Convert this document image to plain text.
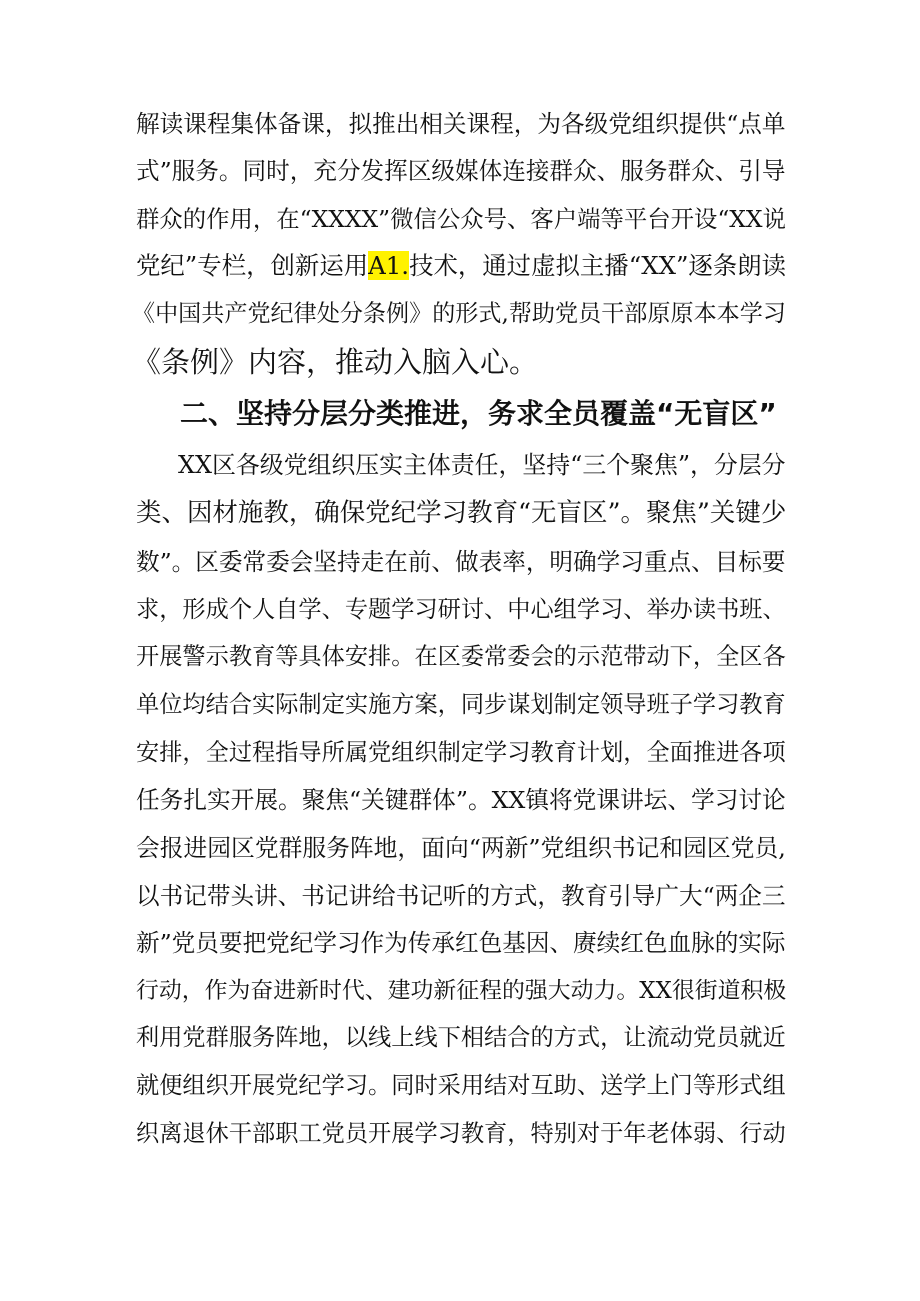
解读课程集体备课，拟推出相关课程，为各级党组织提供“点单
式”服务。同时，充分发挥区级媒体连接群众、服务群众、引导
群众的作用，在“XXXX”微信公众号、客户端等平台开设“XX说
党纪”专栏，创新运用A1.技术，通过虚拟主播“XX”逐条朗读
《中国共产党纪律处分条例》的形式,帮助党员干部原原本本学习
《条例》内容，推动入脑入心。
二、坚持分层分类推进，务求全员覆盖“无盲区”
XX区各级党组织压实主体责任，坚持“三个聚焦”，分层分
类、因材施教，确保党纪学习教育“无盲区”。聚焦”关键少
数”。区委常委会坚持走在前、做表率，明确学习重点、目标要
求，形成个人自学、专题学习研讨、中心组学习、举办读书班、
开展警示教育等具体安排。在区委常委会的示范带动下，全区各
单位均结合实际制定实施方案，同步谋划制定领导班子学习教育
安排，全过程指导所属党组织制定学习教育计划，全面推进各项
任务扎实开展。聚焦“关键群体”。XX镇将党课讲坛、学习讨论
会报进园区党群服务阵地，面向“两新”党组织书记和园区党员,
以书记带头讲、书记讲给书记听的方式，教育引导广大“两企三
新”党员要把党纪学习作为传承红色基因、赓续红色血脉的实际
行动，作为奋进新时代、建功新征程的强大动力。XX很街道积极
利用党群服务阵地，以线上线下相结合的方式，让流动党员就近
就便组织开展党纪学习。同时采用结对互助、送学上门等形式组
织离退休干部职工党员开展学习教育，特别对于年老体弱、行动
